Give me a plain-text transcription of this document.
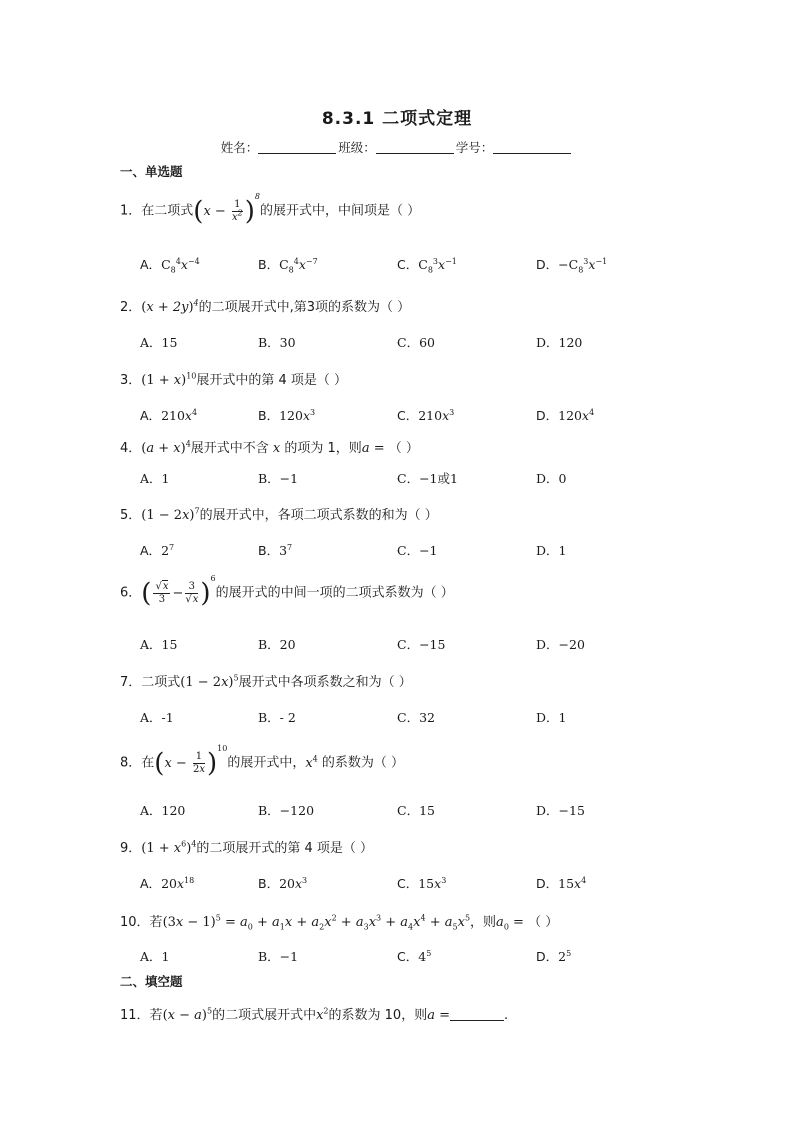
8.3.1 二项式定理
姓名：	班级：	学号：
一、单选题
1．在二项式$(x - \frac{1}{x^2} )^8$的展开式中，中间项是（ ）
A．$C_8^4x^{-4}$	B．$C_8^4x^{-7}$	C．$C_8^3x^{-1}$	D．$-C_8^3x^{-1}$
2．$(x + 2y)^4$的二项展开式中,第3项的系数为（ ）
A．15	B．30	C．60	D．120
3．$(1 + x)^{10}$展开式中的第 4 项是（ ）
A．$210x^4$	B．$120x^3$	C．$210x^3$	D．$120x^4$
4．$(a + x)^4$展开式中不含 x 的项为 1，则a = （ ）
A．1	B．−1	C．−1或1	D．0
5．$(1 - 2x)^7$的展开式中，各项二项式系数的和为（ ）
A．$2^7$	B．$3^7$	C．−1	D．1
6．( $\frac{√x}{3} - \frac{3}{√x} )^6$的展开式的中间一项的二项式系数为（ ）
A．15	B．20	C．−15	D．−20
7．二项式$(1 - 2x)^5$展开式中各项系数之和为（ ）
A．-1	B．- 2	C．32	D．1
8．在$(x - \frac{1}{2x} )^{10}$的展开式中，$x^4$ 的系数为（ ）
A．120	B．−120	C．15	D．−15
9．$(1 + x^6)^4$的二项展开式的第 4 项是（ ）
A．$20x^{18}$	B．$20x^3$	C．$15x^3$	D．$15x^4$
10．若$(3x - 1)^5 = a_0 + a_1x + a_2x^2 + a_3x^3 + a_4x^4 + a_5x^5$，则$a_0$ = （ ）
A．1	B．−1	C．$4^5$	D．$2^5$
二、填空题
11．若$(x - a)^5$的二项式展开式中$x^2$的系数为 10，则a =	.
